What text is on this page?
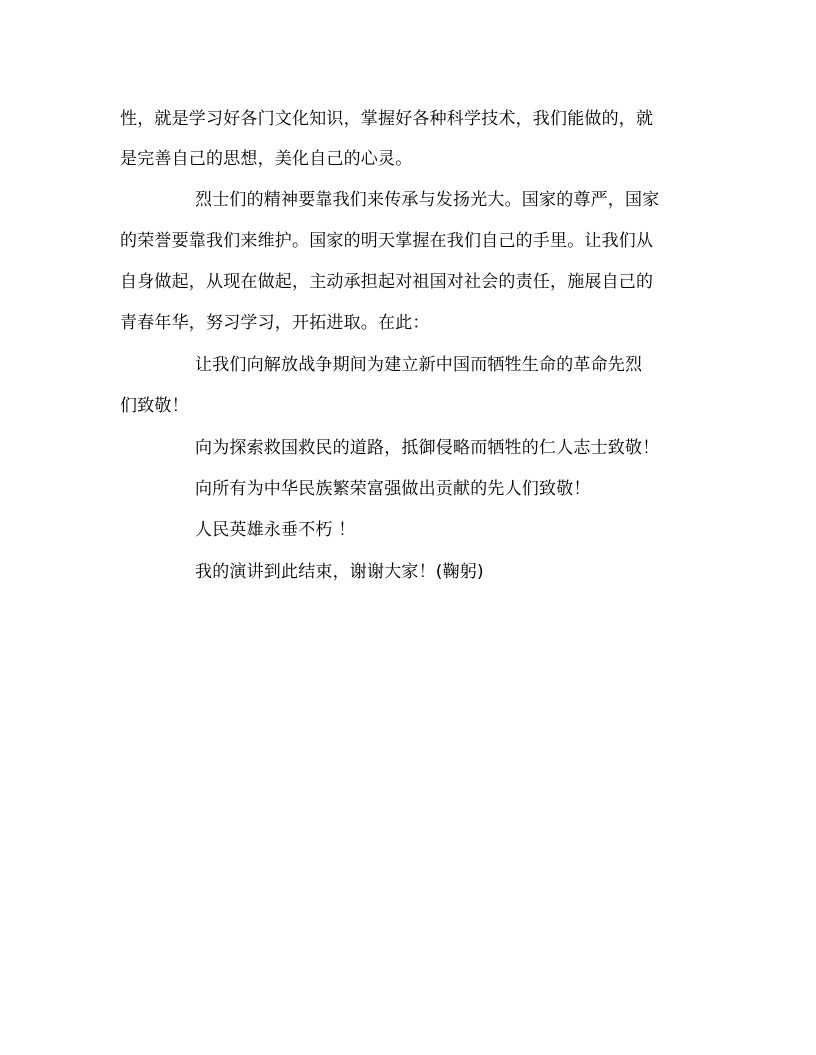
性，就是学习好各门文化知识，掌握好各种科学技术，我们能做的，就
是完善自己的思想，美化自己的心灵。
烈士们的精神要靠我们来传承与发扬光大。国家的尊严，国家
的荣誉要靠我们来维护。国家的明天掌握在我们自己的手里。让我们从
自身做起，从现在做起，主动承担起对祖国对社会的责任，施展自己的
青春年华，努习学习，开拓进取。在此：
让我们向解放战争期间为建立新中国而牺牲生命的革命先烈
们致敬！
向为探索救国救民的道路，抵御侵略而牺牲的仁人志士致敬！
向所有为中华民族繁荣富强做出贡献的先人们致敬！
人民英雄永垂不朽 ！
我的演讲到此结束，谢谢大家！(鞠躬)
